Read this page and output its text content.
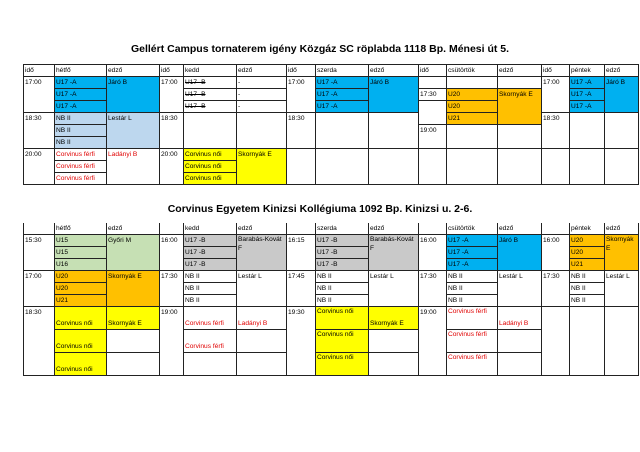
Gellért Campus tornaterem igény Közgáz SC röplabda 1118 Bp. Ménesi út 5.
idő	hétfő	edző	idő	kedd	edző	idő	szerda	edző	idő	csütörtök	edző	idő	péntek	edző
17:00	U17 -A	Járó B	17:00	U17 -B	-	17:00	U17 -A	Járó B				17:00	U17 -A	Járó B
	U17 -A			U17 -B	-		U17 -A		17:30	U20	Skornyák E		U17 -A	
	U17 -A			U17 -B	-		U17 -A			U20			U17 -A	
18:30	NB II	Lestár L	18:30			18:30				U21		18:30		
	NB II								19:00					
	NB II													
20:00	Corvinus férfi	Ladányi B	20:00	Corvinus női	Skornyák E									
	Corvinus férfi			Corvinus női										
	Corvinus férfi			Corvinus női										

Corvinus Egyetem Kinizsi Kollégiuma 1092 Bp. Kinizsi u. 2-6.
	hétfő	edző		kedd	edző		szerda	edző		csütörtök	edző		péntek	edző
15:30	U15	Győri M	16:00	U17 -B	Barabás-Kovát F	16:15	U17 -B	Barabás-Kovát F	16:00	U17 -A	Járó B	16:00	U20	Skornyák E
	U15			U17 -B			U17 -B			U17 -A			U20	
	U16			U17 -B			U17 -B			U17 -A			U21	
17:00	U20	Skornyák E	17:30	NB II	Lestár L	17:45	NB II	Lestár L	17:30	NB II	Lestár L	17:30	NB II	Lestár L
	U20			NB II			NB II			NB II			NB II	
	U21			NB II			NB II			NB II			NB II	
18:30	Corvinus női	Skornyák E	19:00	Corvinus férfi	Ladányi B	19:30	Corvinus női	Skornyák E	19:00	Corvinus férfi	Ladányi B			
	Corvinus női			Corvinus férfi			Corvinus női			Corvinus férfi				
	Corvinus női						Corvinus női			Corvinus férfi				
